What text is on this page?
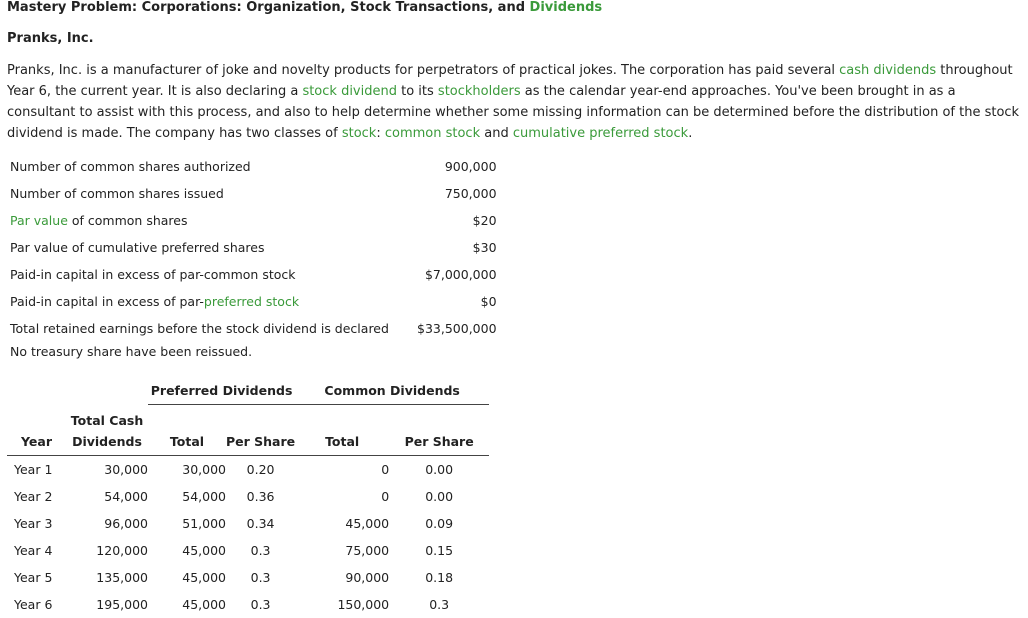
Mastery Problem: Corporations: Organization, Stock Transactions, and Dividends
Pranks, Inc.

Pranks, Inc. is a manufacturer of joke and novelty products for perpetrators of practical jokes. The corporation has paid several cash dividends throughout Year 6, the current year. It is also declaring a stock dividend to its stockholders as the calendar year-end approaches. You've been brought in as a consultant to assist with this process, and also to help determine whether some missing information can be determined before the distribution of the stock dividend is made. The company has two classes of stock: common stock and cumulative preferred stock.

Number of common shares authorized	900,000
Number of common shares issued	750,000
Par value of common shares	$20
Par value of cumulative preferred shares	$30
Paid-in capital in excess of par-common stock	$7,000,000
Paid-in capital in excess of par-preferred stock	$0
Total retained earnings before the stock dividend is declared	$33,500,000
No treasury share have been reissued.
		Preferred Dividends		Common Dividends	
	Total Cash				
Year	Dividends	Total	Per Share	Total	Per Share
Year 1	30,000	30,000	0.20	0	0.00
Year 2	54,000	54,000	0.36	0	0.00
Year 3	96,000	51,000	0.34	45,000	0.09
Year 4	120,000	45,000	0.3	75,000	0.15
Year 5	135,000	45,000	0.3	90,000	0.18
Year 6	195,000	45,000	0.3	150,000	0.3
